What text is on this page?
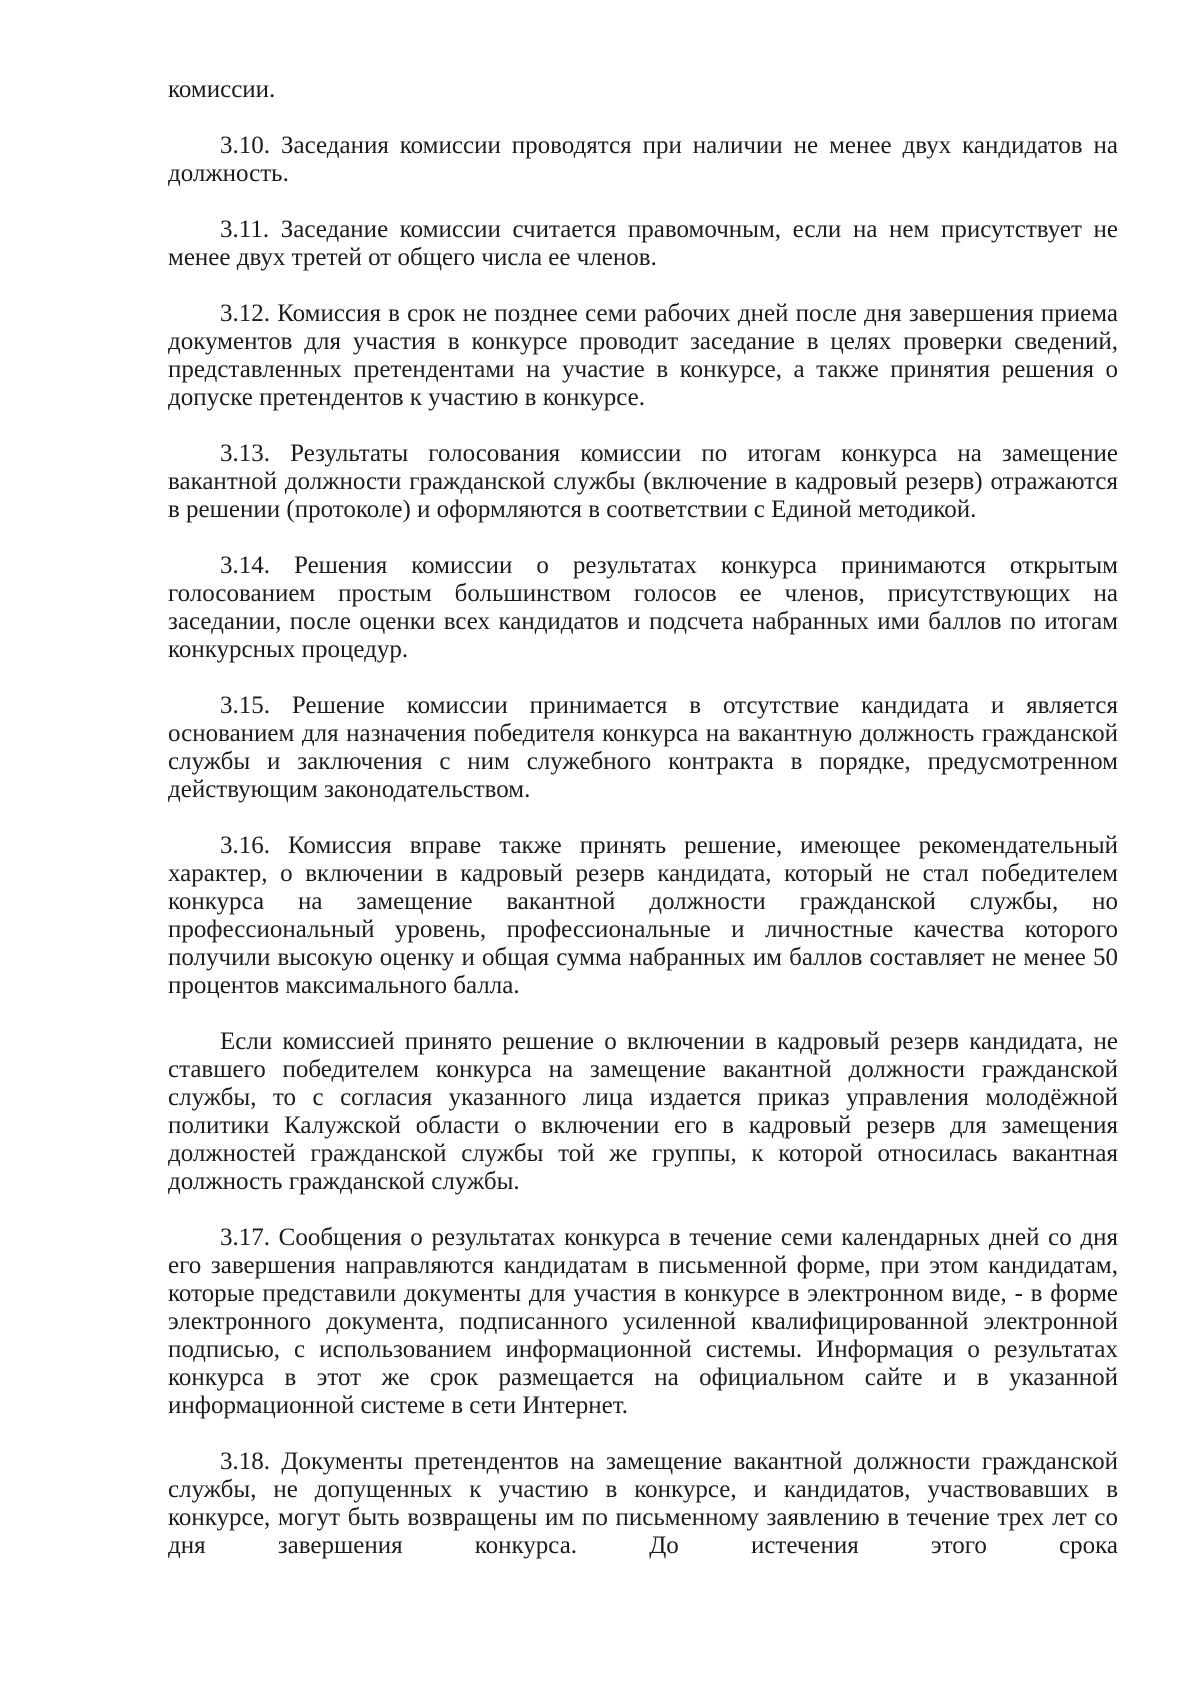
комиссии.

3.10. Заседания комиссии проводятся при наличии не менее двух кандидатов на должность.

3.11. Заседание комиссии считается правомочным, если на нем присутствует не менее двух третей от общего числа ее членов.

3.12. Комиссия в срок не позднее семи рабочих дней после дня завершения приема документов для участия в конкурсе проводит заседание в целях проверки сведений, представленных претендентами на участие в конкурсе, а также принятия решения о допуске претендентов к участию в конкурсе.

3.13. Результаты голосования комиссии по итогам конкурса на замещение вакантной должности гражданской службы (включение в кадровый резерв) отражаются в решении (протоколе) и оформляются в соответствии с Единой методикой.

3.14. Решения комиссии о результатах конкурса принимаются открытым голосованием простым большинством голосов ее членов, присутствующих на заседании, после оценки всех кандидатов и подсчета набранных ими баллов по итогам конкурсных процедур.

3.15. Решение комиссии принимается в отсутствие кандидата и является основанием для назначения победителя конкурса на вакантную должность гражданской службы и заключения с ним служебного контракта в порядке, предусмотренном действующим законодательством.

3.16. Комиссия вправе также принять решение, имеющее рекомендательный характер, о включении в кадровый резерв кандидата, который не стал победителем конкурса на замещение вакантной должности гражданской службы, но профессиональный уровень, профессиональные и личностные качества которого получили высокую оценку и общая сумма набранных им баллов составляет не менее 50 процентов максимального балла.

Если комиссией принято решение о включении в кадровый резерв кандидата, не ставшего победителем конкурса на замещение вакантной должности гражданской службы, то с согласия указанного лица издается приказ управления молодёжной политики Калужской области о включении его в кадровый резерв для замещения должностей гражданской службы той же группы, к которой относилась вакантная должность гражданской службы.

3.17. Сообщения о результатах конкурса в течение семи календарных дней со дня его завершения направляются кандидатам в письменной форме, при этом кандидатам, которые представили документы для участия в конкурсе в электронном виде, - в форме электронного документа, подписанного усиленной квалифицированной электронной подписью, с использованием информационной системы. Информация о результатах конкурса в этот же срок размещается на официальном сайте и в указанной информационной системе в сети Интернет.

3.18. Документы претендентов на замещение вакантной должности гражданской службы, не допущенных к участию в конкурсе, и кандидатов, участвовавших в конкурсе, могут быть возвращены им по письменному заявлению в течение трех лет со дня завершения конкурса. До истечения этого срока
